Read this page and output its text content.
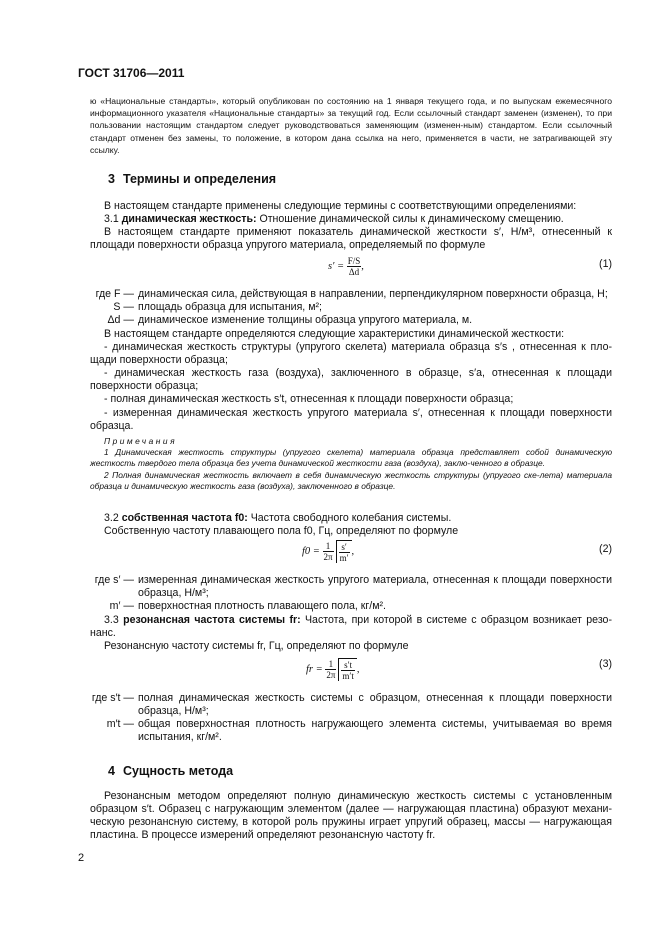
ГОСТ 31706—2011

ю «Национальные стандарты», который опубликован по состоянию на 1 января текущего года, и по выпускам ежемесячного информационного указателя «Национальные стандарты» за текущий год. Если ссылочный стандарт заменен (изменен), то при пользовании настоящим стандартом следует руководствоваться заменяющим (изменен-ным) стандартом. Если ссылочный стандарт отменен без замены, то положение, в котором дана ссылка на него, применяется в части, не затрагивающей эту ссылку.

3 Термины и определения

В настоящем стандарте применены следующие термины с соответствующими определениями:

3.1 динамическая жесткость: Отношение динамической силы к динамическому смещению.

В настоящем стандарте применяют показатель динамической жесткости s′, Н/м³, отнесенный к площади поверхности образца упругого материала, определяемый по формуле

$s' = \frac{F/S}{\Delta d}$ ,	(1)
где F — динамическая сила, действующая в направлении, перпендикулярном поверхности образца, Н;
S — площадь образца для испытания, м²;
Δd — динамическое изменение толщины образца упругого материала, м.

В настоящем стандарте определяются следующие характеристики динамической жесткости:

- динамическая жесткость структуры (упругого скелета) материала образца s′s , отнесенная к пло-щади поверхности образца;

- динамическая жесткость газа (воздуха), заключенного в образце, s′a, отнесенная к площади поверхности образца;

- полная динамическая жесткость s′t, отнесенная к площади поверхности образца;

- измеренная динамическая жесткость упругого материала s′, отнесенная к площади поверхности образца.

Примечания

1 Динамическая жесткость структуры (упругого скелета) материала образца представляет собой динамическую жесткость твердого тела образца без учета динамической жесткости газа (воздуха), заклю-ченного в образце.

2 Полная динамическая жесткость включает в себя динамическую жесткость структуры (упругого ске-лета) материала образца и динамическую жесткость газа (воздуха), заключенного в образце.

3.2 собственная частота f0: Частота свободного колебания системы.

Собственную частоту плавающего пола f0, Гц, определяют по формуле

$f0 = \frac{1}{2\pi} \frac{s'}{m'}$ ,	(2)
где s′ — измеренная динамическая жесткость упругого материала, отнесенная к площади поверхности образца, Н/м³;
m′ — поверхностная плотность плавающего пола, кг/м².

3.3 резонансная частота системы fr: Частота, при которой в системе с образцом возникает резо-нанс.

Резонансную частоту системы fr, Гц, определяют по формуле

fr = $\frac{1}{2\pi} \frac{s't}{m't}$ ,	(3)
где s′t — полная динамическая жесткость системы с образцом, отнесенная к площади поверхности образца, Н/м³;
m′t — общая поверхностная плотность нагружающего элемента системы, учитываемая во время испытания, кг/м².
4 Сущность метода

Резонансным методом определяют полную динамическую жесткость системы с установленным образцом s′t. Образец с нагружающим элементом (далее — нагружающая пластина) образуют механи-ческую резонансную систему, в которой роль пружины играет упругий образец, массы — нагружающая пластина. В процессе измерений определяют резонансную частоту fr.

2
